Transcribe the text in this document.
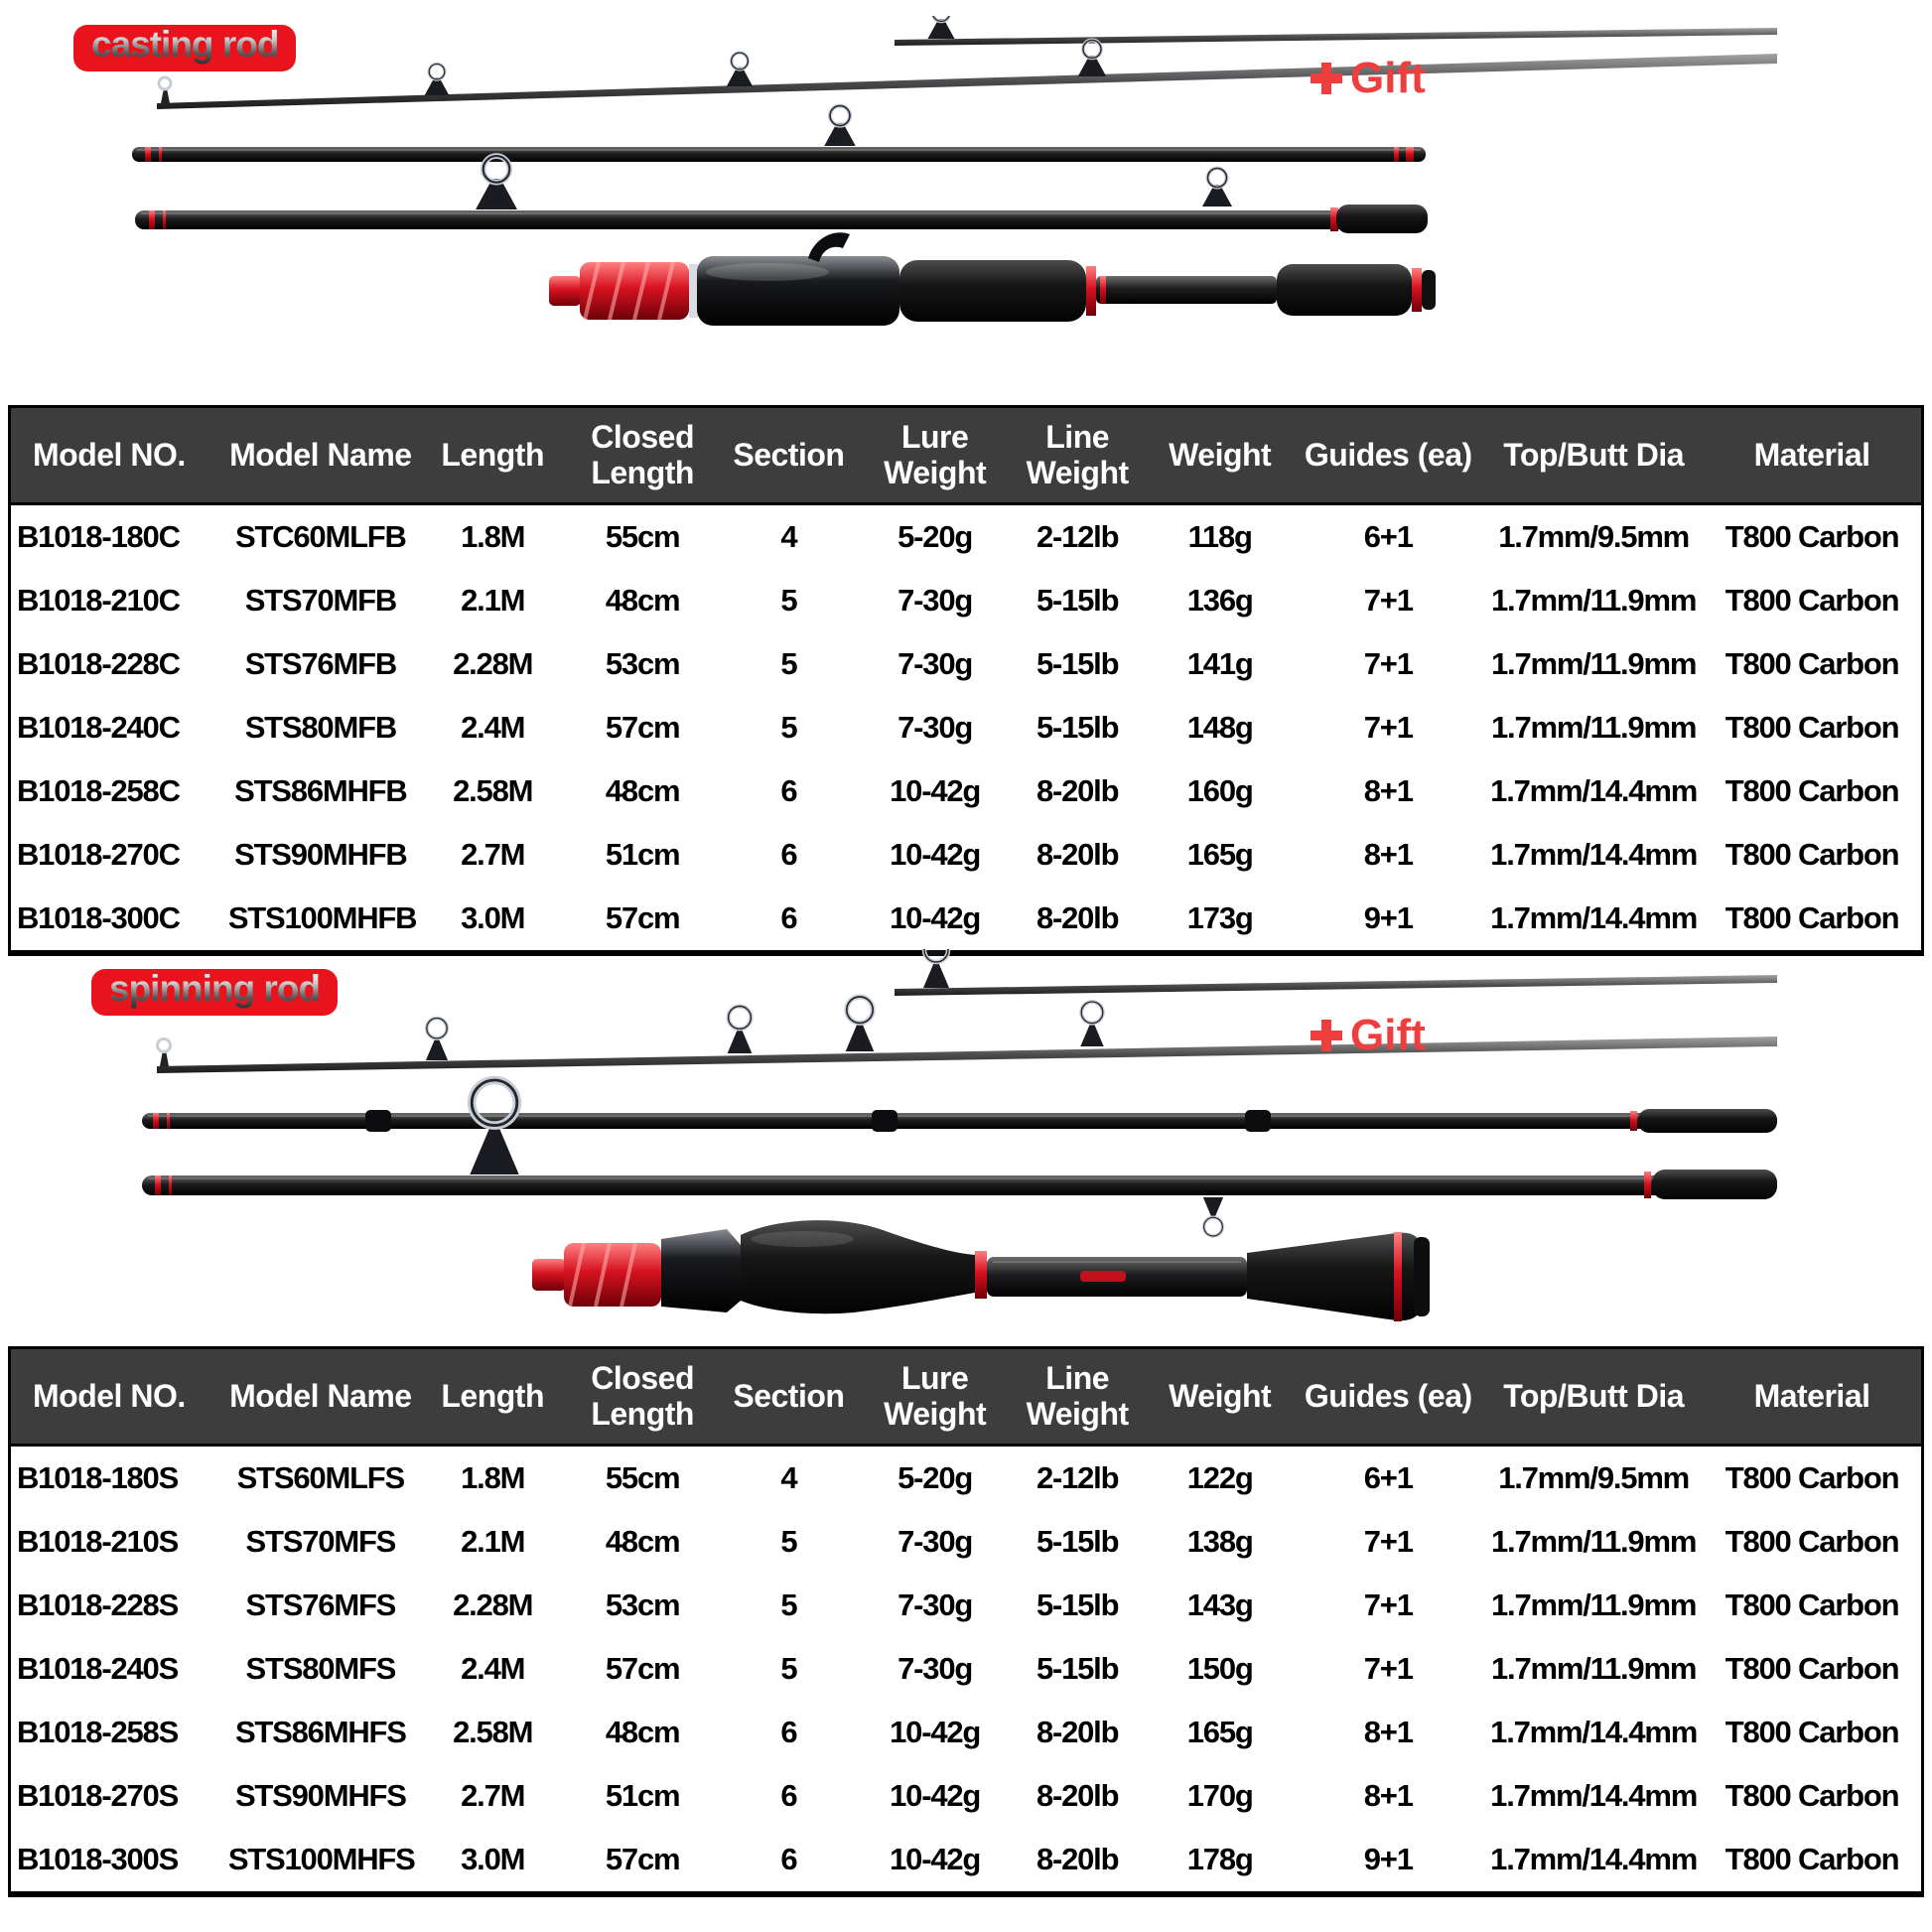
casting rod
Gift
Model NO.	Model Name	Length	Closed Length	Section	Lure Weight	Line Weight	Weight	Guides (ea)	Top/Butt Dia	Material
B1018-180C	STC60MLFB	1.8M	55cm	4	5-20g	2-12lb	118g	6+1	1.7mm/9.5mm	T800 Carbon
B1018-210C	STS70MFB	2.1M	48cm	5	7-30g	5-15lb	136g	7+1	1.7mm/11.9mm	T800 Carbon
B1018-228C	STS76MFB	2.28M	53cm	5	7-30g	5-15lb	141g	7+1	1.7mm/11.9mm	T800 Carbon
B1018-240C	STS80MFB	2.4M	57cm	5	7-30g	5-15lb	148g	7+1	1.7mm/11.9mm	T800 Carbon
B1018-258C	STS86MHFB	2.58M	48cm	6	10-42g	8-20lb	160g	8+1	1.7mm/14.4mm	T800 Carbon
B1018-270C	STS90MHFB	2.7M	51cm	6	10-42g	8-20lb	165g	8+1	1.7mm/14.4mm	T800 Carbon
B1018-300C	STS100MHFB	3.0M	57cm	6	10-42g	8-20lb	173g	9+1	1.7mm/14.4mm	T800 Carbon
spinning rod
Gift
Model NO.	Model Name	Length	Closed Length	Section	Lure Weight	Line Weight	Weight	Guides (ea)	Top/Butt Dia	Material
B1018-180S	STS60MLFS	1.8M	55cm	4	5-20g	2-12lb	122g	6+1	1.7mm/9.5mm	T800 Carbon
B1018-210S	STS70MFS	2.1M	48cm	5	7-30g	5-15lb	138g	7+1	1.7mm/11.9mm	T800 Carbon
B1018-228S	STS76MFS	2.28M	53cm	5	7-30g	5-15lb	143g	7+1	1.7mm/11.9mm	T800 Carbon
B1018-240S	STS80MFS	2.4M	57cm	5	7-30g	5-15lb	150g	7+1	1.7mm/11.9mm	T800 Carbon
B1018-258S	STS86MHFS	2.58M	48cm	6	10-42g	8-20lb	165g	8+1	1.7mm/14.4mm	T800 Carbon
B1018-270S	STS90MHFS	2.7M	51cm	6	10-42g	8-20lb	170g	8+1	1.7mm/14.4mm	T800 Carbon
B1018-300S	STS100MHFS	3.0M	57cm	6	10-42g	8-20lb	178g	9+1	1.7mm/14.4mm	T800 Carbon
